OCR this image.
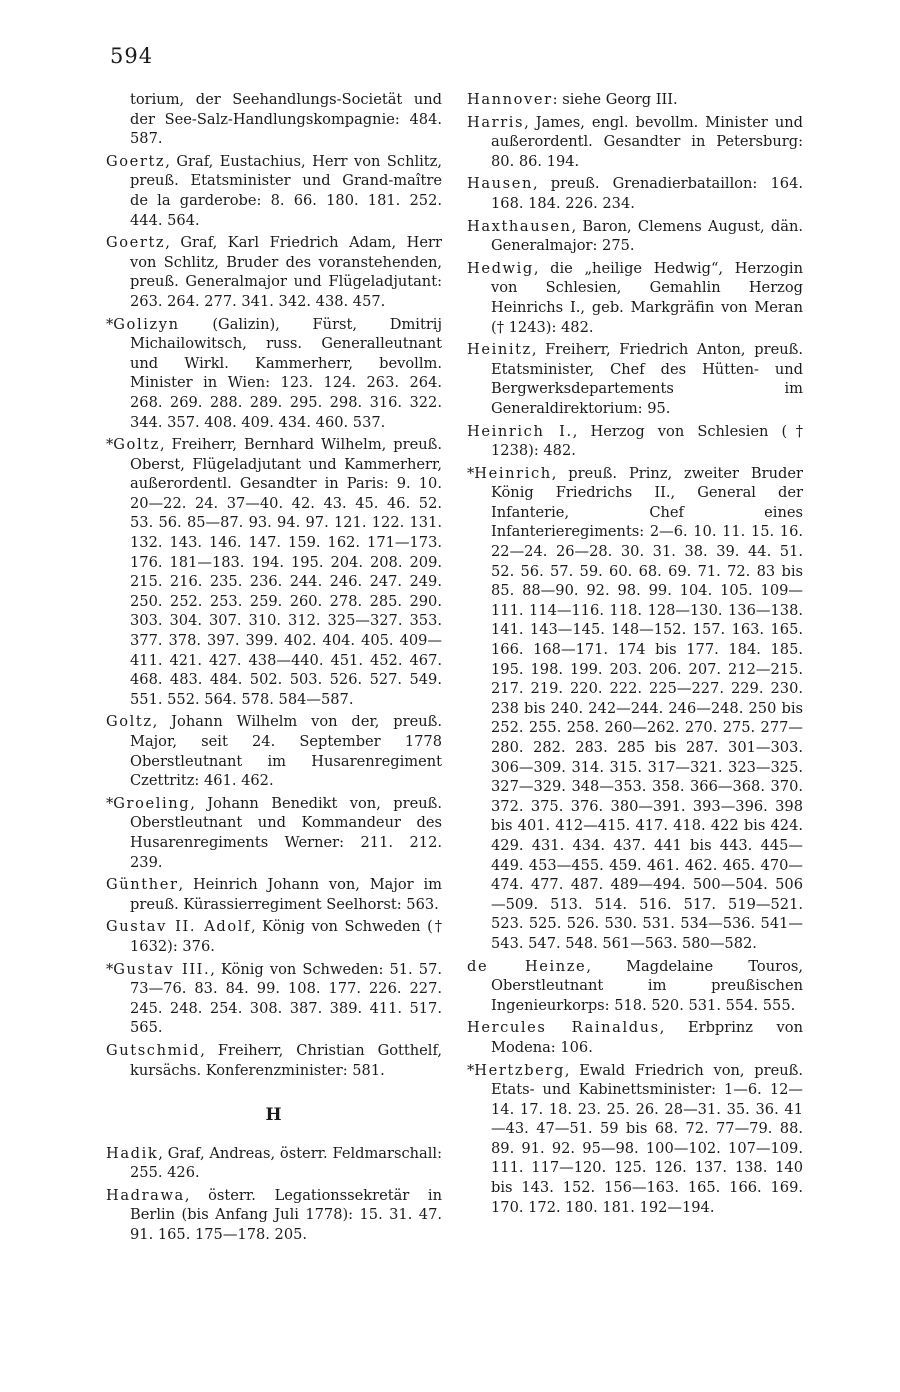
594
torium, der Seehandlungs-Societät und der See-Salz-Handlungskompagnie: 484. 587.
Goertz, Graf, Eustachius, Herr von Schlitz, preuß. Etatsminister und Grand-maître de la garderobe: 8. 66. 180. 181. 252. 444. 564.
Goertz, Graf, Karl Friedrich Adam, Herr von Schlitz, Bruder des voranstehenden, preuß. Generalmajor und Flügeladjutant: 263. 264. 277. 341. 342. 438. 457.
*Golizyn (Galizin), Fürst, Dmitrij Michailowitsch, russ. Generalleutnant und Wirkl. Kammerherr, bevollm. Minister in Wien: 123. 124. 263. 264. 268. 269. 288. 289. 295. 298. 316. 322. 344. 357. 408. 409. 434. 460. 537.
*Goltz, Freiherr, Bernhard Wilhelm, preuß. Oberst, Flügeladjutant und Kammerherr, außerordentl. Gesandter in Paris: 9. 10. 20—22. 24. 37—40. 42. 43. 45. 46. 52. 53. 56. 85—87. 93. 94. 97. 121. 122. 131. 132. 143. 146. 147. 159. 162. 171—173. 176. 181—183. 194. 195. 204. 208. 209. 215. 216. 235. 236. 244. 246. 247. 249. 250. 252. 253. 259. 260. 278. 285. 290. 303. 304. 307. 310. 312. 325—327. 353. 377. 378. 397. 399. 402. 404. 405. 409—411. 421. 427. 438—440. 451. 452. 467. 468. 483. 484. 502. 503. 526. 527. 549. 551. 552. 564. 578. 584—587.
Goltz, Johann Wilhelm von der, preuß. Major, seit 24. September 1778 Oberstleutnant im Husarenregiment Czettritz: 461. 462.
*Groeling, Johann Benedikt von, preuß. Oberstleutnant und Kommandeur des Husarenregiments Werner: 211. 212. 239.
Günther, Heinrich Johann von, Major im preuß. Kürassierregiment Seelhorst: 563.
Gustav II. Adolf, König von Schweden († 1632): 376.
*Gustav III., König von Schweden: 51. 57. 73—76. 83. 84. 99. 108. 177. 226. 227. 245. 248. 254. 308. 387. 389. 411. 517. 565.
Gutschmid, Freiherr, Christian Gotthelf, kursächs. Konferenzminister: 581.
H
Hadik, Graf, Andreas, österr. Feldmarschall: 255. 426.
Hadrawa, österr. Legationssekretär in Berlin (bis Anfang Juli 1778): 15. 31. 47. 91. 165. 175—178. 205.
Hannover: siehe Georg III.
Harris, James, engl. bevollm. Minister und außerordentl. Gesandter in Petersburg: 80. 86. 194.
Hausen, preuß. Grenadierbataillon: 164. 168. 184. 226. 234.
Haxthausen, Baron, Clemens August, dän. Generalmajor: 275.
Hedwig, die „heilige Hedwig“, Herzogin von Schlesien, Gemahlin Herzog Heinrichs I., geb. Markgräfin von Meran († 1243): 482.
Heinitz, Freiherr, Friedrich Anton, preuß. Etatsminister, Chef des Hütten- und Bergwerksdepartements im Generaldirektorium: 95.
Heinrich I., Herzog von Schlesien († 1238): 482.
*Heinrich, preuß. Prinz, zweiter Bruder König Friedrichs II., General der Infanterie, Chef eines Infanterieregiments: 2—6. 10. 11. 15. 16. 22—24. 26—28. 30. 31. 38. 39. 44. 51. 52. 56. 57. 59. 60. 68. 69. 71. 72. 83 bis 85. 88—90. 92. 98. 99. 104. 105. 109—111. 114—116. 118. 128—130. 136—138. 141. 143—145. 148—152. 157. 163. 165. 166. 168—171. 174 bis 177. 184. 185. 195. 198. 199. 203. 206. 207. 212—215. 217. 219. 220. 222. 225—227. 229. 230. 238 bis 240. 242—244. 246—248. 250 bis 252. 255. 258. 260—262. 270. 275. 277—280. 282. 283. 285 bis 287. 301—303. 306—309. 314. 315. 317—321. 323—325. 327—329. 348—353. 358. 366—368. 370. 372. 375. 376. 380—391. 393—396. 398 bis 401. 412—415. 417. 418. 422 bis 424. 429. 431. 434. 437. 441 bis 443. 445—449. 453—455. 459. 461. 462. 465. 470—474. 477. 487. 489—494. 500—504. 506—509. 513. 514. 516. 517. 519—521. 523. 525. 526. 530. 531. 534—536. 541—543. 547. 548. 561—563. 580—582.
de Heinze, Magdelaine Touros, Oberstleutnant im preußischen Ingenieurkorps: 518. 520. 531. 554. 555.
Hercules Rainaldus, Erbprinz von Modena: 106.
*Hertzberg, Ewald Friedrich von, preuß. Etats- und Kabinettsminister: 1—6. 12—14. 17. 18. 23. 25. 26. 28—31. 35. 36. 41—43. 47—51. 59 bis 68. 72. 77—79. 88. 89. 91. 92. 95—98. 100—102. 107—109. 111. 117—120. 125. 126. 137. 138. 140 bis 143. 152. 156—163. 165. 166. 169. 170. 172. 180. 181. 192—194.
